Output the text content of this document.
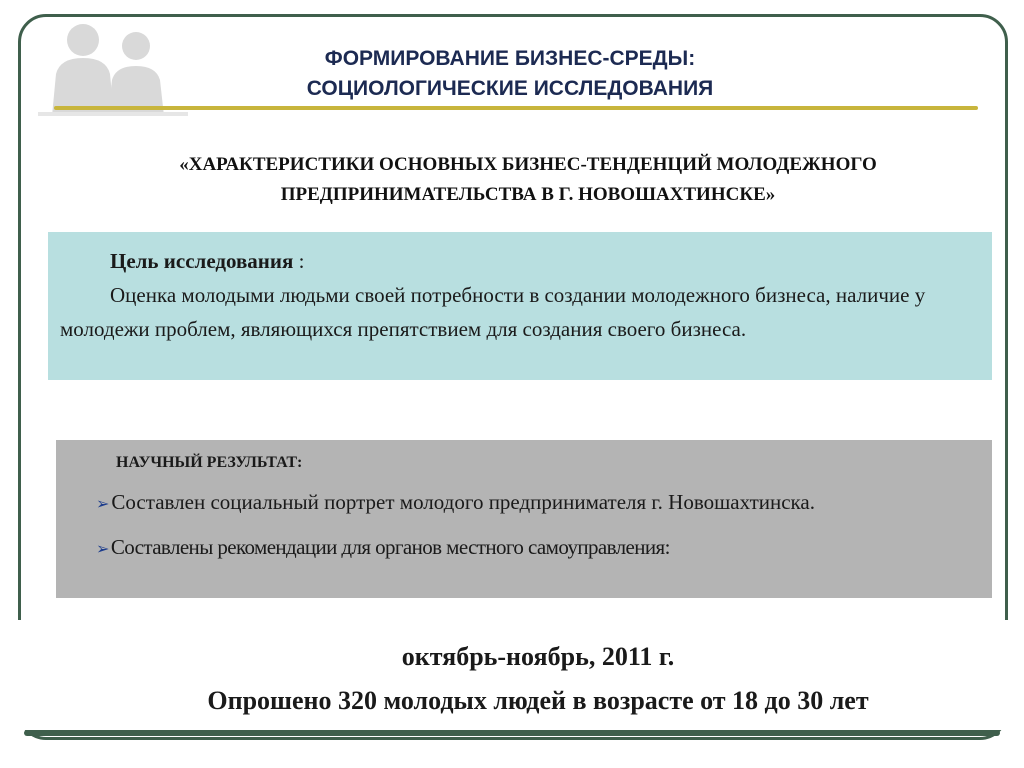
ФОРМИРОВАНИЕ БИЗНЕС-СРЕДЫ:
СОЦИОЛОГИЧЕСКИЕ ИССЛЕДОВАНИЯ
«ХАРАКТЕРИСТИКИ ОСНОВНЫХ БИЗНЕС-ТЕНДЕНЦИЙ МОЛОДЕЖНОГО
ПРЕДПРИНИМАТЕЛЬСТВА В Г. НОВОШАХТИНСКЕ»
Цель исследования :
Оценка молодыми людьми своей потребности в создании молодежного бизнеса, наличие у молодежи проблем, являющихся препятствием для создания своего бизнеса.
НАУЧНЫЙ РЕЗУЛЬТАТ:
➢Составлен социальный портрет молодого предпринимателя г. Новошахтинска.
➢Составлены рекомендации для органов местного самоуправления:
октябрь-ноябрь, 2011 г.
Опрошено 320 молодых людей в возрасте от 18 до 30 лет
